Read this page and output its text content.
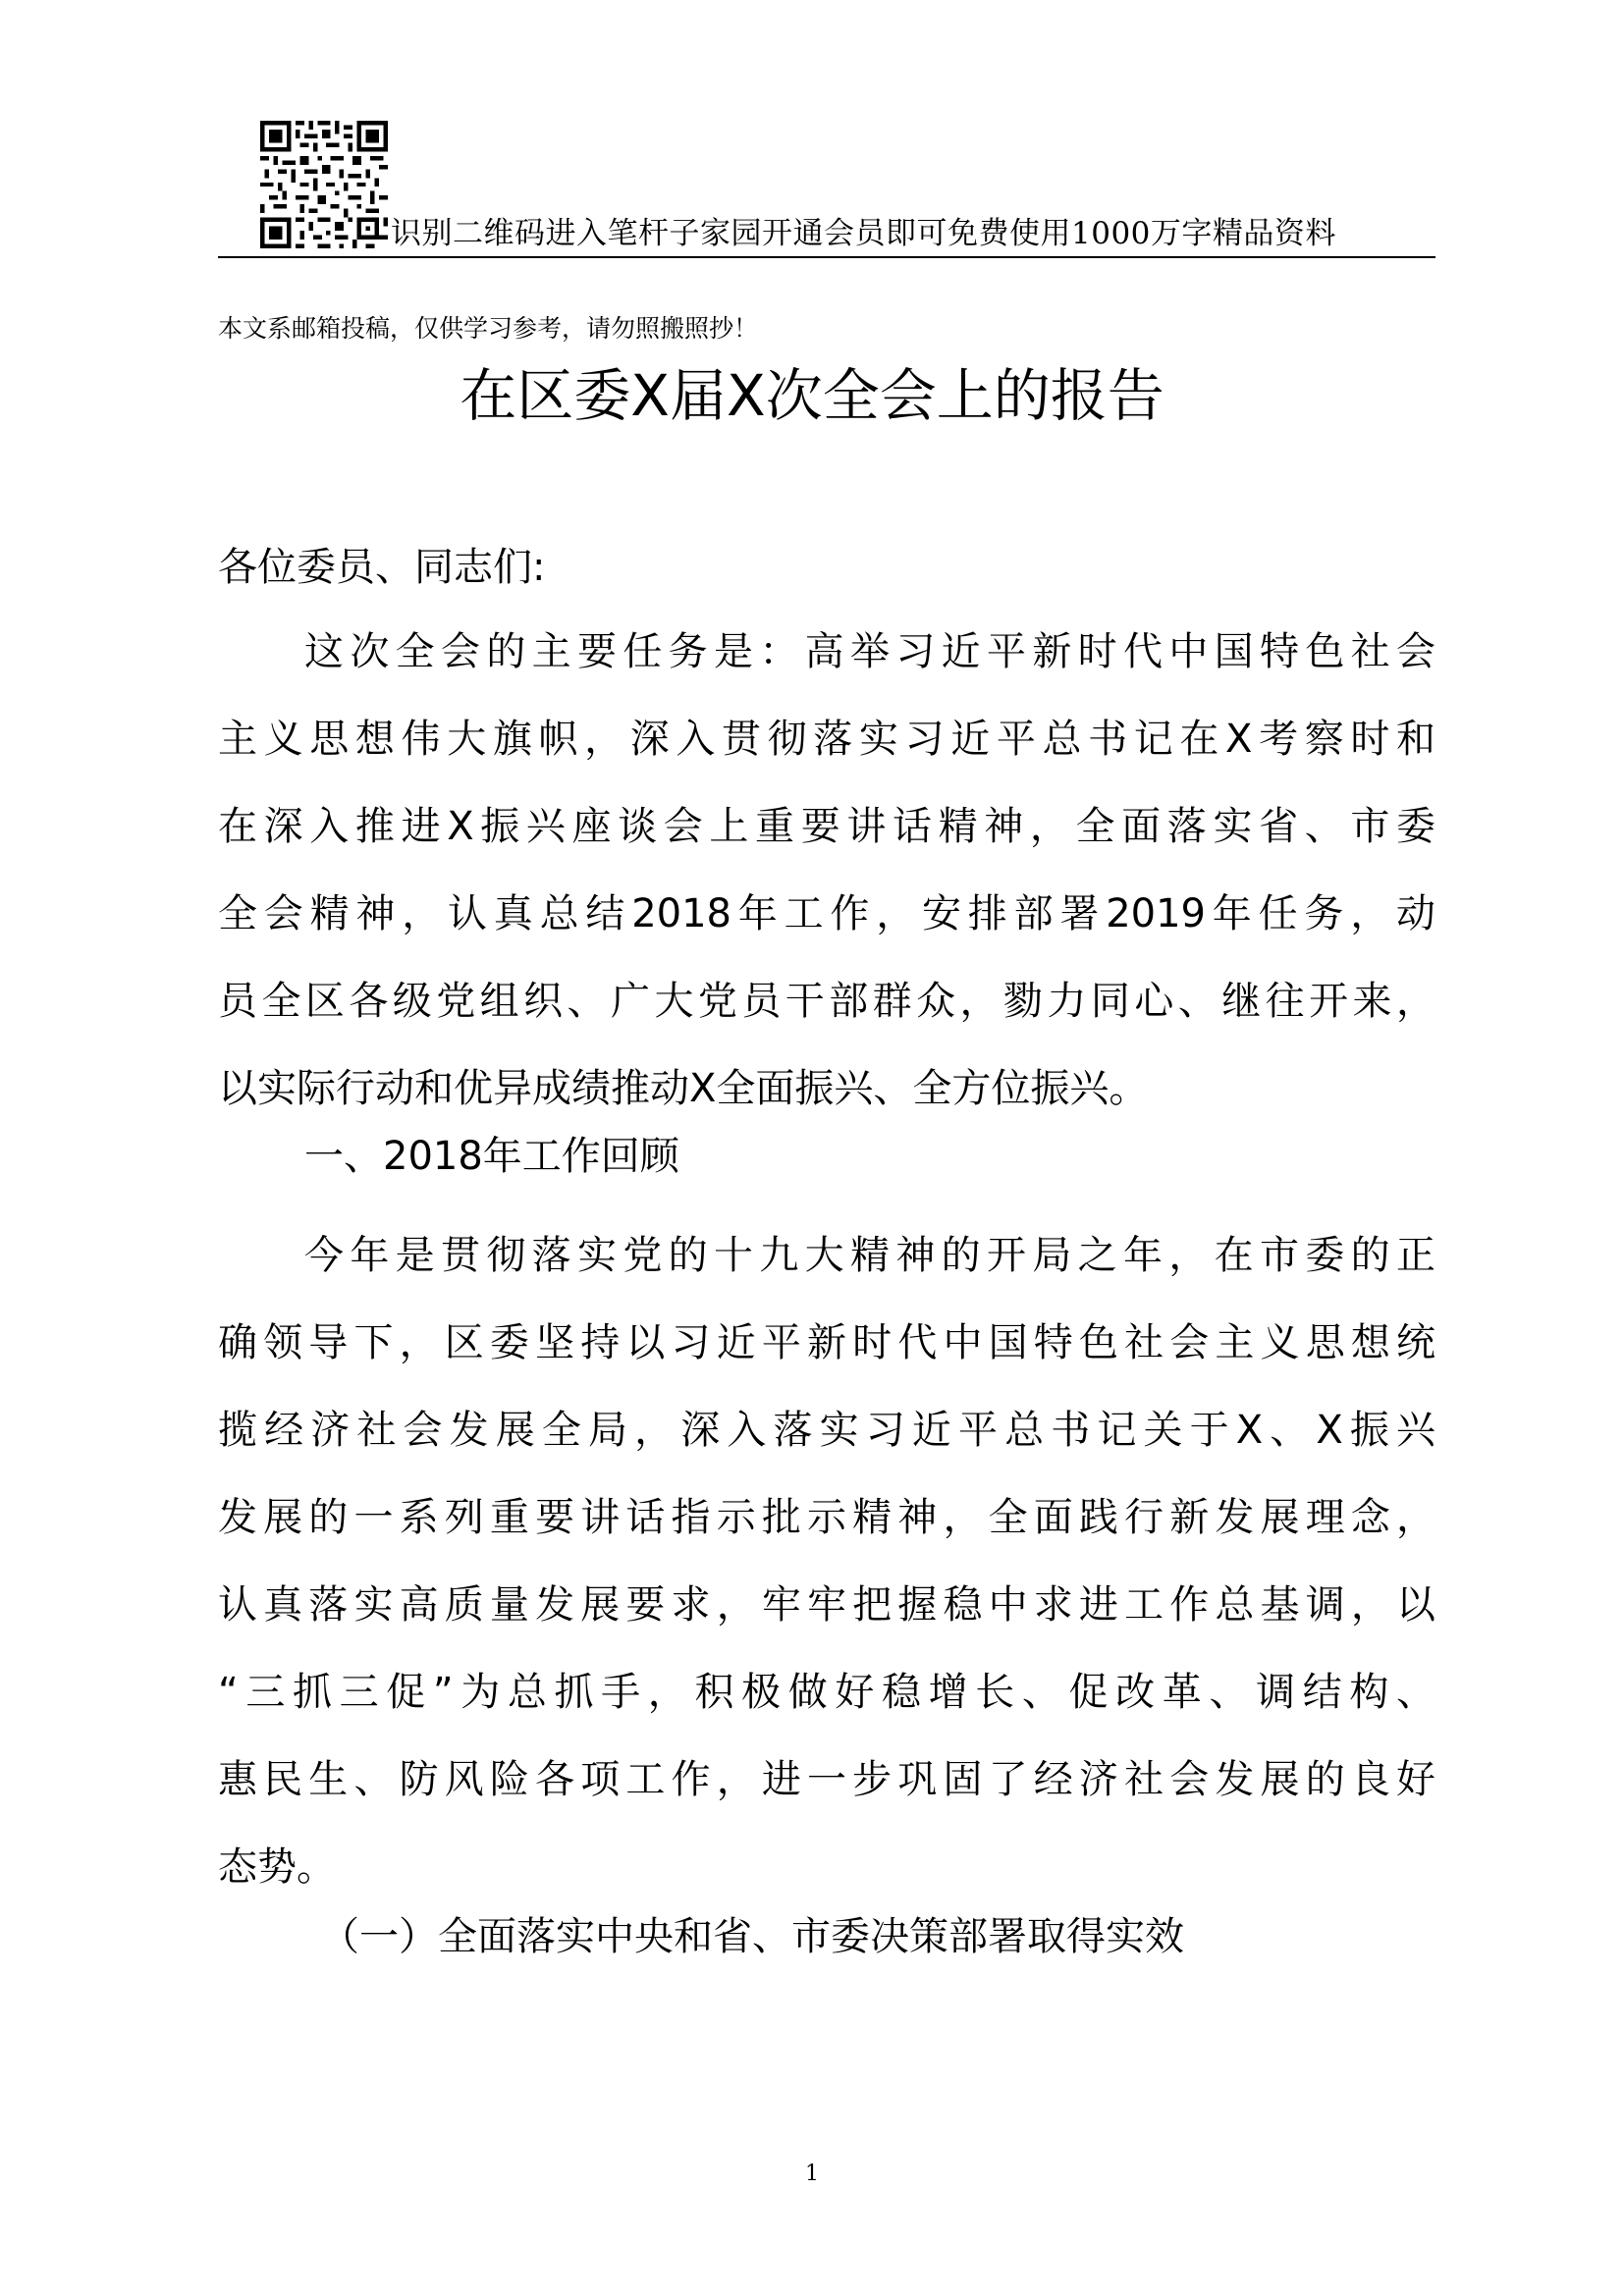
识别二维码进入笔杆子家园开通会员即可免费使用1000万字精品资料
本文系邮箱投稿，仅供学习参考，请勿照搬照抄！
在区委X届X次全会上的报告
各位委员、同志们:
这次全会的主要任务是：高举习近平新时代中国特色社会
主义思想伟大旗帜，深入贯彻落实习近平总书记在X考察时和
在深入推进X振兴座谈会上重要讲话精神，全面落实省、市委
全会精神，认真总结2018年工作，安排部署2019年任务，动
员全区各级党组织、广大党员干部群众，勠力同心、继往开来，
以实际行动和优异成绩推动X全面振兴、全方位振兴。
一、2018年工作回顾
今年是贯彻落实党的十九大精神的开局之年，在市委的正
确领导下，区委坚持以习近平新时代中国特色社会主义思想统
揽经济社会发展全局，深入落实习近平总书记关于X、X振兴
发展的一系列重要讲话指示批示精神，全面践行新发展理念，
认真落实高质量发展要求，牢牢把握稳中求进工作总基调，以
“三抓三促”为总抓手，积极做好稳增长、促改革、调结构、
惠民生、防风险各项工作，进一步巩固了经济社会发展的良好
态势。
（一）全面落实中央和省、市委决策部署取得实效
1
